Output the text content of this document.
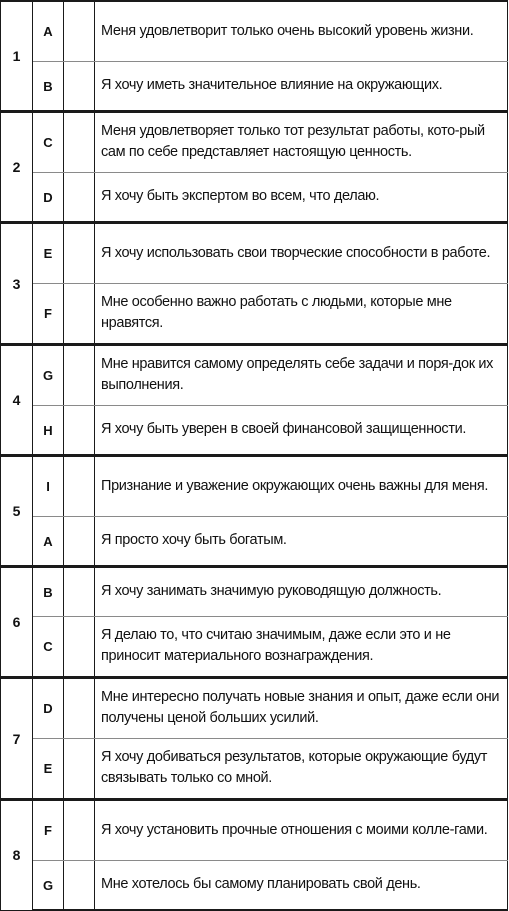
1	A		Меня удовлетворит только очень высокий уровень жизни.
	B		Я хочу иметь значительное влияние на окружающих.
2	C		Меня удовлетворяет только тот результат работы, кото-рый сам по себе представляет настоящую ценность.
	D		Я хочу быть экспертом во всем, что делаю.
3	E		Я хочу использовать свои творческие способности в работе.
	F		Мне особенно важно работать с людьми, которые мне нравятся.
4	G		Мне нравится самому определять себе задачи и поря-док их выполнения.
	H		Я хочу быть уверен в своей финансовой защищенности.
5	I		Признание и уважение окружающих очень важны для меня.
	A		Я просто хочу быть богатым.
6	B		Я хочу занимать значимую руководящую должность.
	C		Я делаю то, что считаю значимым, даже если это и не приносит материального вознаграждения.
7	D		Мне интересно получать новые знания и опыт, даже если они получены ценой больших усилий.
	E		Я хочу добиваться результатов, которые окружающие будут связывать только со мной.
8	F		Я хочу установить прочные отношения с моими колле-гами.
	G		Мне хотелось бы самому планировать свой день.
